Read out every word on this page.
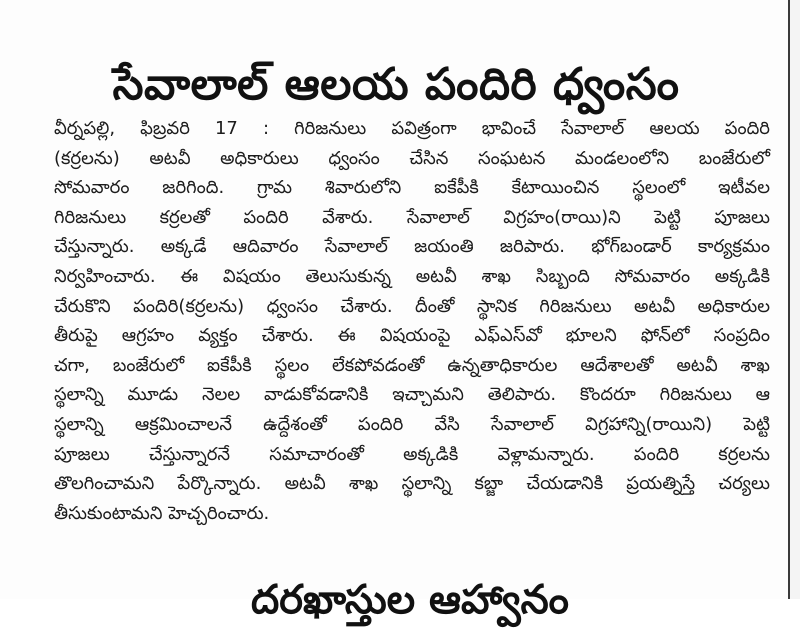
సేవాలాల్ ఆలయ పందిరి ధ్వంసం
వీర్నపల్లి, ఫిబ్రవరి 17 : గిరిజనులు పవిత్రంగా భావించే సేవాలాల్ ఆలయ పందిరి
(కర్రలను) అటవీ అధికారులు ధ్వంసం చేసిన సంఘటన మండలంలోని బంజేరులో
సోమవారం జరిగింది. గ్రామ శివారులోని ఐకేపీకి కేటాయించిన స్థలంలో ఇటీవల
గిరిజనులు కర్రలతో పందిరి వేశారు. సేవాలాల్ విగ్రహం(రాయి)ని పెట్టి పూజలు
చేస్తున్నారు. అక్కడే ఆదివారం సేవాలాల్ జయంతి జరిపారు. భోగ్‌బండార్ కార్యక్రమం
నిర్వహించారు. ఈ విషయం తెలుసుకున్న అటవీ శాఖ సిబ్బంది సోమవారం అక్కడికి
చేరుకొని పందిరి(కర్రలను) ధ్వంసం చేశారు. దీంతో స్థానిక గిరిజనులు అటవీ అధికారుల
తీరుపై ఆగ్రహం వ్యక్తం చేశారు. ఈ విషయంపై ఎఫ్ఎస్‌వో భూలని ఫోన్‌లో సంప్రదిం
చగా, బంజేరులో ఐకేపీకి స్థలం లేకపోవడంతో ఉన్నతాధికారుల ఆదేశాలతో అటవీ శాఖ
స్థలాన్ని మూడు నెలల వాడుకోవడానికి ఇచ్చామని తెలిపారు. కొందరూ గిరిజనులు ఆ
స్థలాన్ని ఆక్రమించాలనే ఉద్దేశంతో పందిరి వేసి సేవాలాల్ విగ్రహాన్ని(రాయిని) పెట్టి
పూజలు చేస్తున్నారనే సమాచారంతో అక్కడికి వెళ్లామన్నారు. పందిరి కర్రలను
తొలగించామని పేర్కొన్నారు. అటవీ శాఖ స్థలాన్ని కబ్జా చేయడానికి ప్రయత్నిస్తే చర్యలు
తీసుకుంటామని హెచ్చరించారు.
దరఖాస్తుల ఆహ్వానం
